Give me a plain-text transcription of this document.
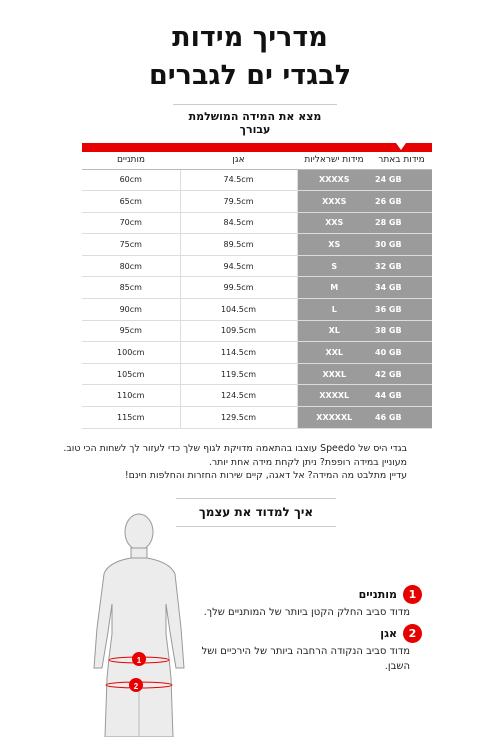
מדריך מידות
לבגדי ים לגברים
מצא את המידה המושלמת עבורך
מותניים	אגן	מידות ישראליות	מידות באתר
60cm	74.5cm	XXXXS	24 GB
65cm	79.5cm	XXXS	26 GB
70cm	84.5cm	XXS	28 GB
75cm	89.5cm	XS	30 GB
80cm	94.5cm	S	32 GB
85cm	99.5cm	M	34 GB
90cm	104.5cm	L	36 GB
95cm	109.5cm	XL	38 GB
100cm	114.5cm	XXL	40 GB
105cm	119.5cm	XXXL	42 GB
110cm	124.5cm	XXXXL	44 GB
115cm	129.5cm	XXXXXL	46 GB
בגדי היס של Speedo עוצבו בהתאמה מדויקת לגוף שלך כדי לעזור לך לשחות הכי טוב.
מעוניין במידה רופפת? ניתן לקחת מידה אחת יותר.
עדיין מתלבט מה המידה? אל דאגה, קיים שירות החזרות והחלפות חינם!
איך למדוד את עצמך
1
2
1
מותניים
מדוד סביב החלק הקטן ביותר של המותניים שלך.
2
אגן
מדוד סביב הנקודה הרחבה ביותר של הירכיים ושל השבן.
